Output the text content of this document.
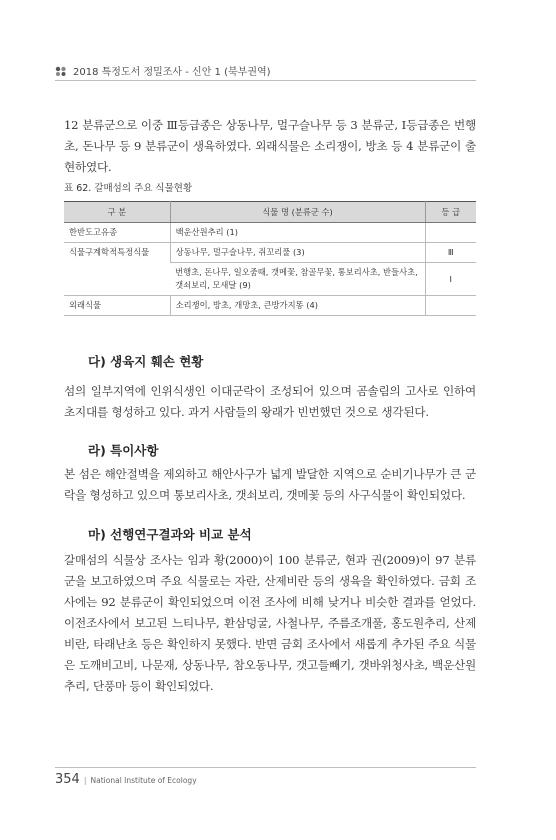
2018 특정도서 정밀조사 - 신안 1 (북부권역)

12 분류군으로 이중 Ⅲ등급종은 상동나무, 멀구슬나무 등 3 분류군, Ⅰ등급종은 번행초, 돈나무 등 9 분류군이 생육하였다. 외래식물은 소리쟁이, 방초 등 4 분류군이 출현하였다.

표 62. 갈매섬의 주요 식물현황
구 분	식물 명 (분류군 수)	등 급
한반도고유종	백운산원추리 (1)	
식물구계학적특정식물	상동나무, 멀구슬나무, 쥐꼬리풀 (3)	Ⅲ
	번행초, 돈나무, 일오줌때, 갯메꽃, 참골무꽃, 통보리사초, 반들사초, 갯쇠보리, 모새달 (9)	Ⅰ
외래식물	소리쟁이, 방초, 개망초, 큰방가지똥 (4)	
다) 생육지 훼손 현황

섬의 일부지역에 인위식생인 이대군락이 조성되어 있으며 곰솔림의 고사로 인하여 초지대를 형성하고 있다. 과거 사람들의 왕래가 빈번했던 것으로 생각된다.

라) 특이사항

본 섬은 해안절벽을 제외하고 해안사구가 넓게 발달한 지역으로 순비기나무가 큰 군락을 형성하고 있으며 통보리사초, 갯쇠보리, 갯메꽃 등의 사구식물이 확인되었다.

마) 선행연구결과와 비교 분석

갈매섬의 식물상 조사는 임과 황(2000)이 100 분류군, 현과 권(2009)이 97 분류군을 보고하였으며 주요 식물로는 자란, 산제비란 등의 생육을 확인하였다. 금회 조사에는 92 분류군이 확인되었으며 이전 조사에 비해 낮거나 비슷한 결과를 얻었다. 이전조사에서 보고된 느티나무, 환삼덩굴, 사철나무, 주름조개풀, 홍도원추리, 산제비란, 타래난초 등은 확인하지 못했다. 반면 금회 조사에서 새롭게 추가된 주요 식물은 도깨비고비, 나문재, 상동나무, 참오동나무, 갯고들빼기, 갯바위청사초, 백운산원추리, 단풍마 등이 확인되었다.

354 | National Institute of Ecology
